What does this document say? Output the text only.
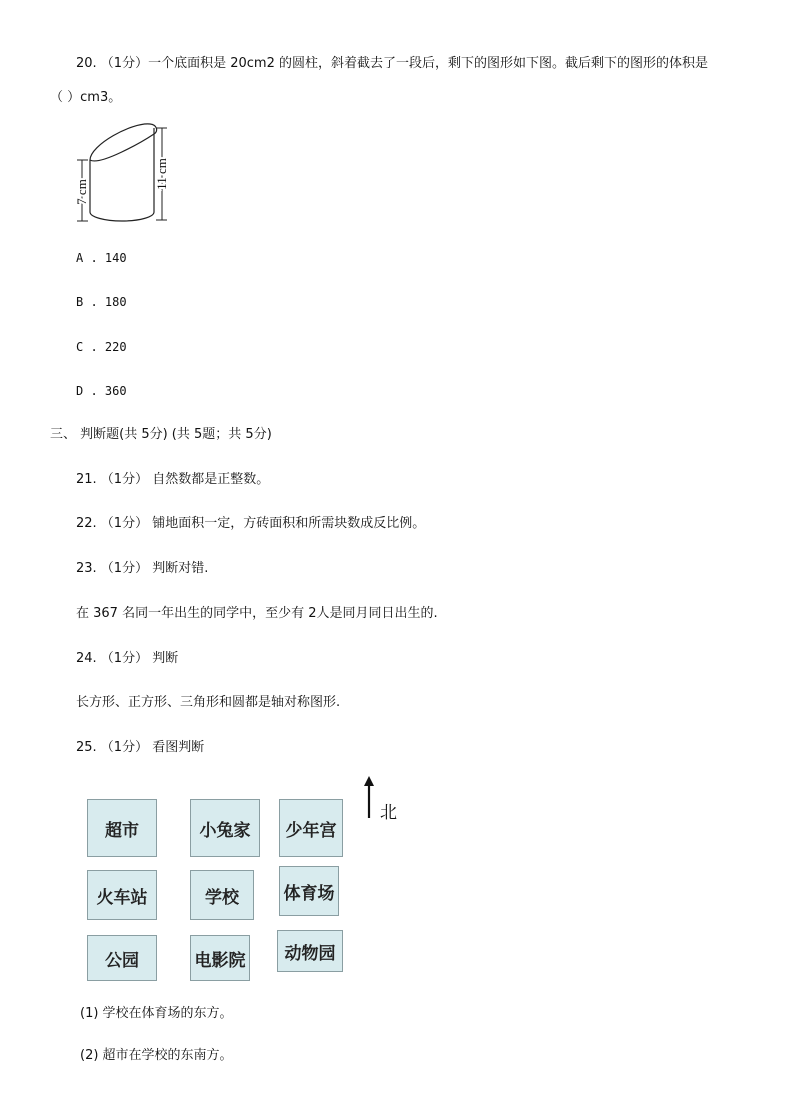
20. （1分）一个底面积是 20cm2 的圆柱，斜着截去了一段后，剩下的图形如下图。截后剩下的图形的体积是
（ ）cm3。
7 cm
11 cm
A . 140
B . 180
C . 220
D . 360
三、 判断题(共 5分) (共 5题；共 5分)
21. （1分） 自然数都是正整数。
22. （1分） 铺地面积一定，方砖面积和所需块数成反比例。
23. （1分） 判断对错.
在 367 名同一年出生的同学中，至少有 2人是同月同日出生的.
24. （1分） 判断
长方形、正方形、三角形和圆都是轴对称图形.
25. （1分） 看图判断
超市	小兔家	少年宫
火车站	学校	体育场
公园	电影院	动物园
北
(1) 学校在体育场的东方。
(2) 超市在学校的东南方。
